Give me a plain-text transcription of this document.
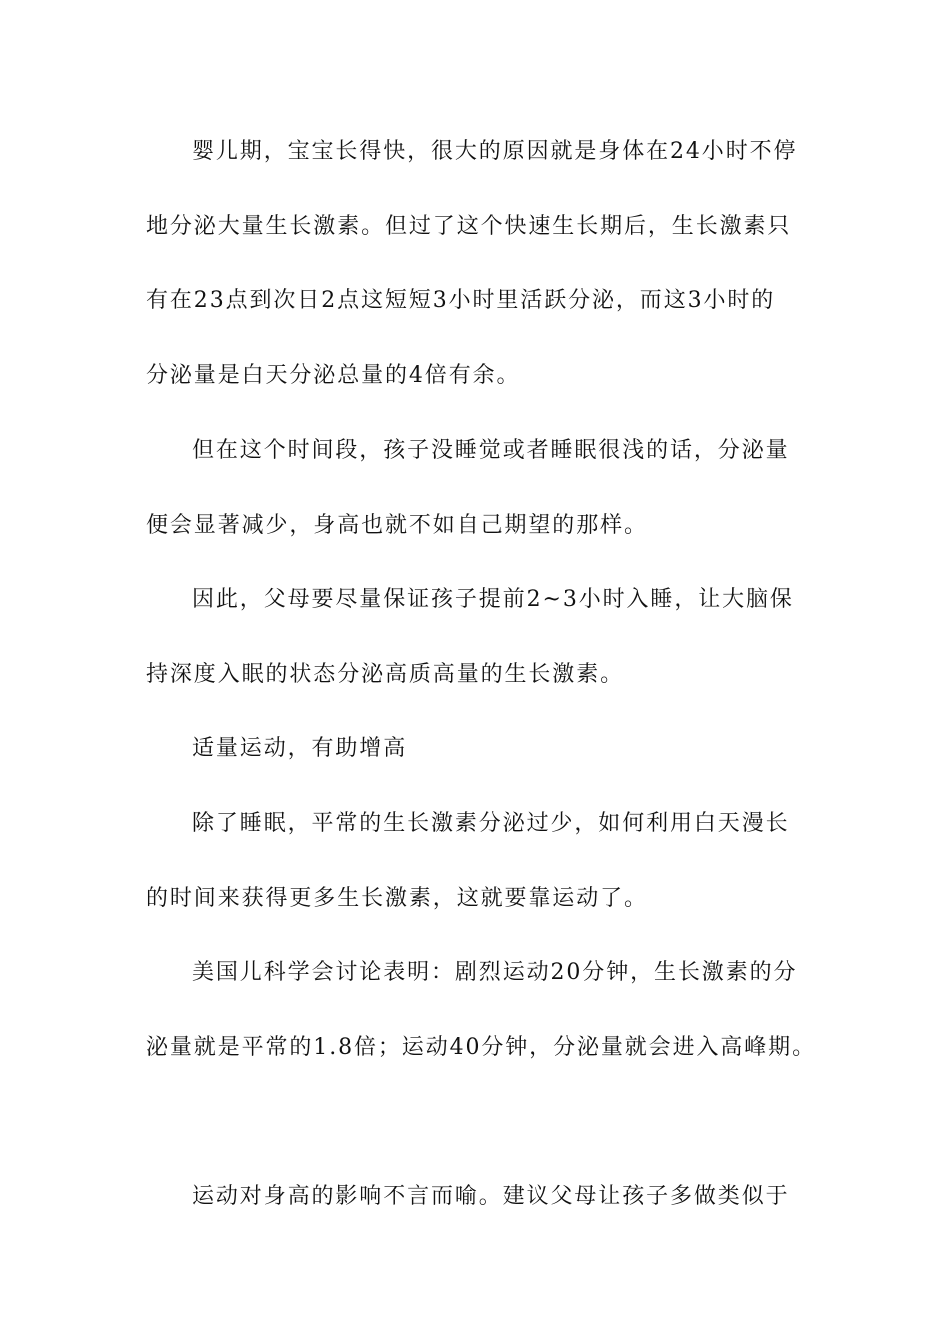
婴儿期，宝宝长得快，很大的原因就是身体在24小时不停
地分泌大量生长激素。但过了这个快速生长期后，生长激素只
有在23点到次日2点这短短3小时里活跃分泌，而这3小时的
分泌量是白天分泌总量的4倍有余。
但在这个时间段，孩子没睡觉或者睡眠很浅的话，分泌量
便会显著减少，身高也就不如自己期望的那样。
因此，父母要尽量保证孩子提前2~3小时入睡，让大脑保
持深度入眠的状态分泌高质高量的生长激素。
适量运动，有助增高
除了睡眠，平常的生长激素分泌过少，如何利用白天漫长
的时间来获得更多生长激素，这就要靠运动了。
美国儿科学会讨论表明：剧烈运动20分钟，生长激素的分
泌量就是平常的1.8倍；运动40分钟，分泌量就会进入高峰期。
运动对身高的影响不言而喻。建议父母让孩子多做类似于
